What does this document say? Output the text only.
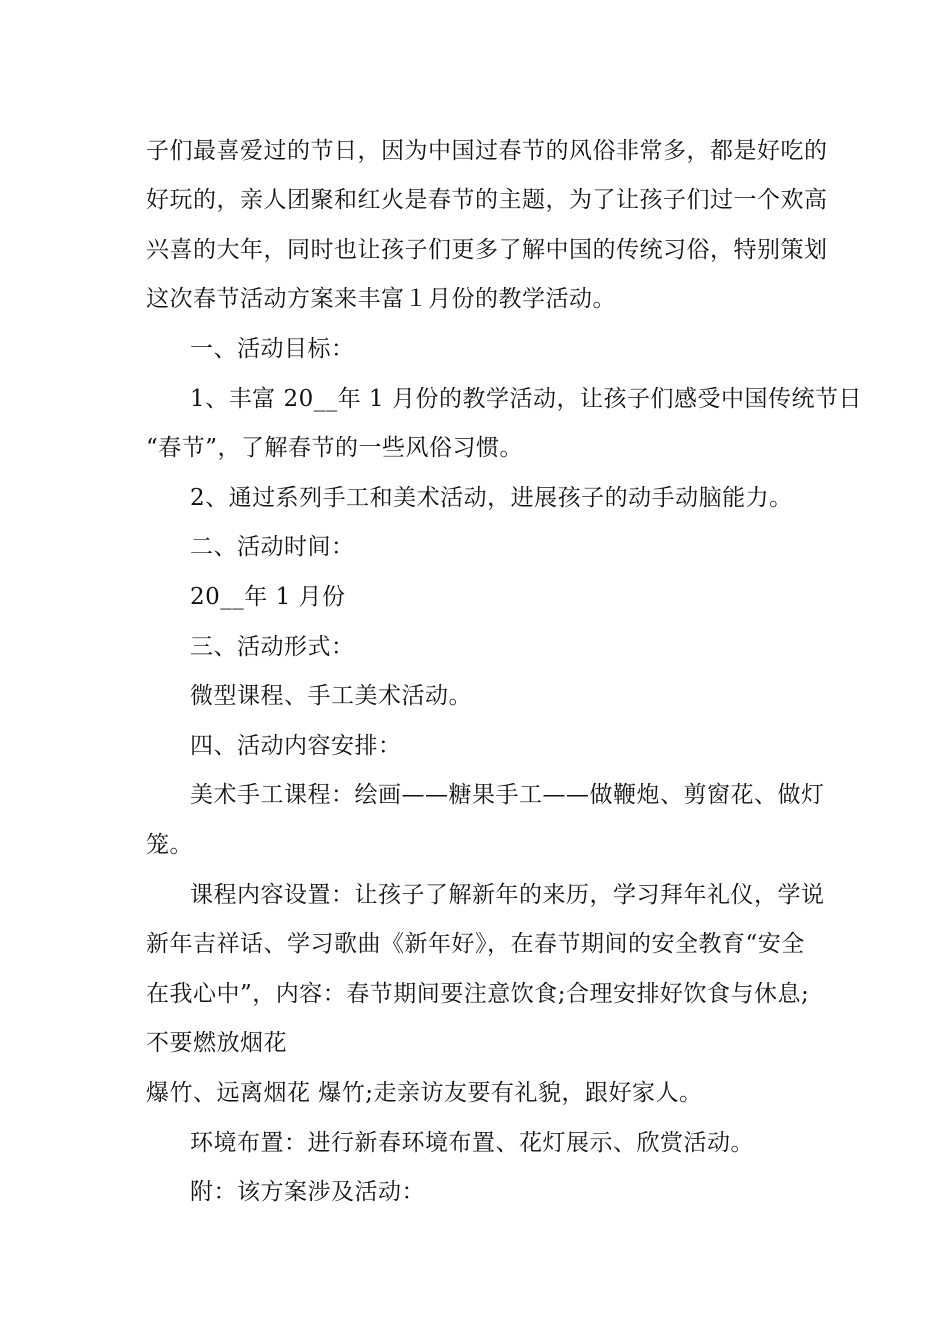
子们最喜爱过的节日，因为中国过春节的风俗非常多，都是好吃的
好玩的，亲人团聚和红火是春节的主题，为了让孩子们过一个欢高
兴喜的大年，同时也让孩子们更多了解中国的传统习俗，特别策划
这次春节活动方案来丰富１月份的教学活动。
一、活动目标：
1、丰富 20__年 1 月份的教学活动，让孩子们感受中国传统节日
“春节”，了解春节的一些风俗习惯。
2、通过系列手工和美术活动，进展孩子的动手动脑能力。
二、活动时间：
20__年 1 月份
三、活动形式：
微型课程、手工美术活动。
四、活动内容安排：
美术手工课程：绘画——糖果手工——做鞭炮、剪窗花、做灯
笼。
课程内容设置：让孩子了解新年的来历，学习拜年礼仪，学说
新年吉祥话、学习歌曲《新年好》，在春节期间的安全教育“安全
在我心中”，内容：春节期间要注意饮食;合理安排好饮食与休息;
不要燃放烟花
爆竹、远离烟花 爆竹;走亲访友要有礼貌，跟好家人。
环境布置：进行新春环境布置、花灯展示、欣赏活动。
附：该方案涉及活动：
